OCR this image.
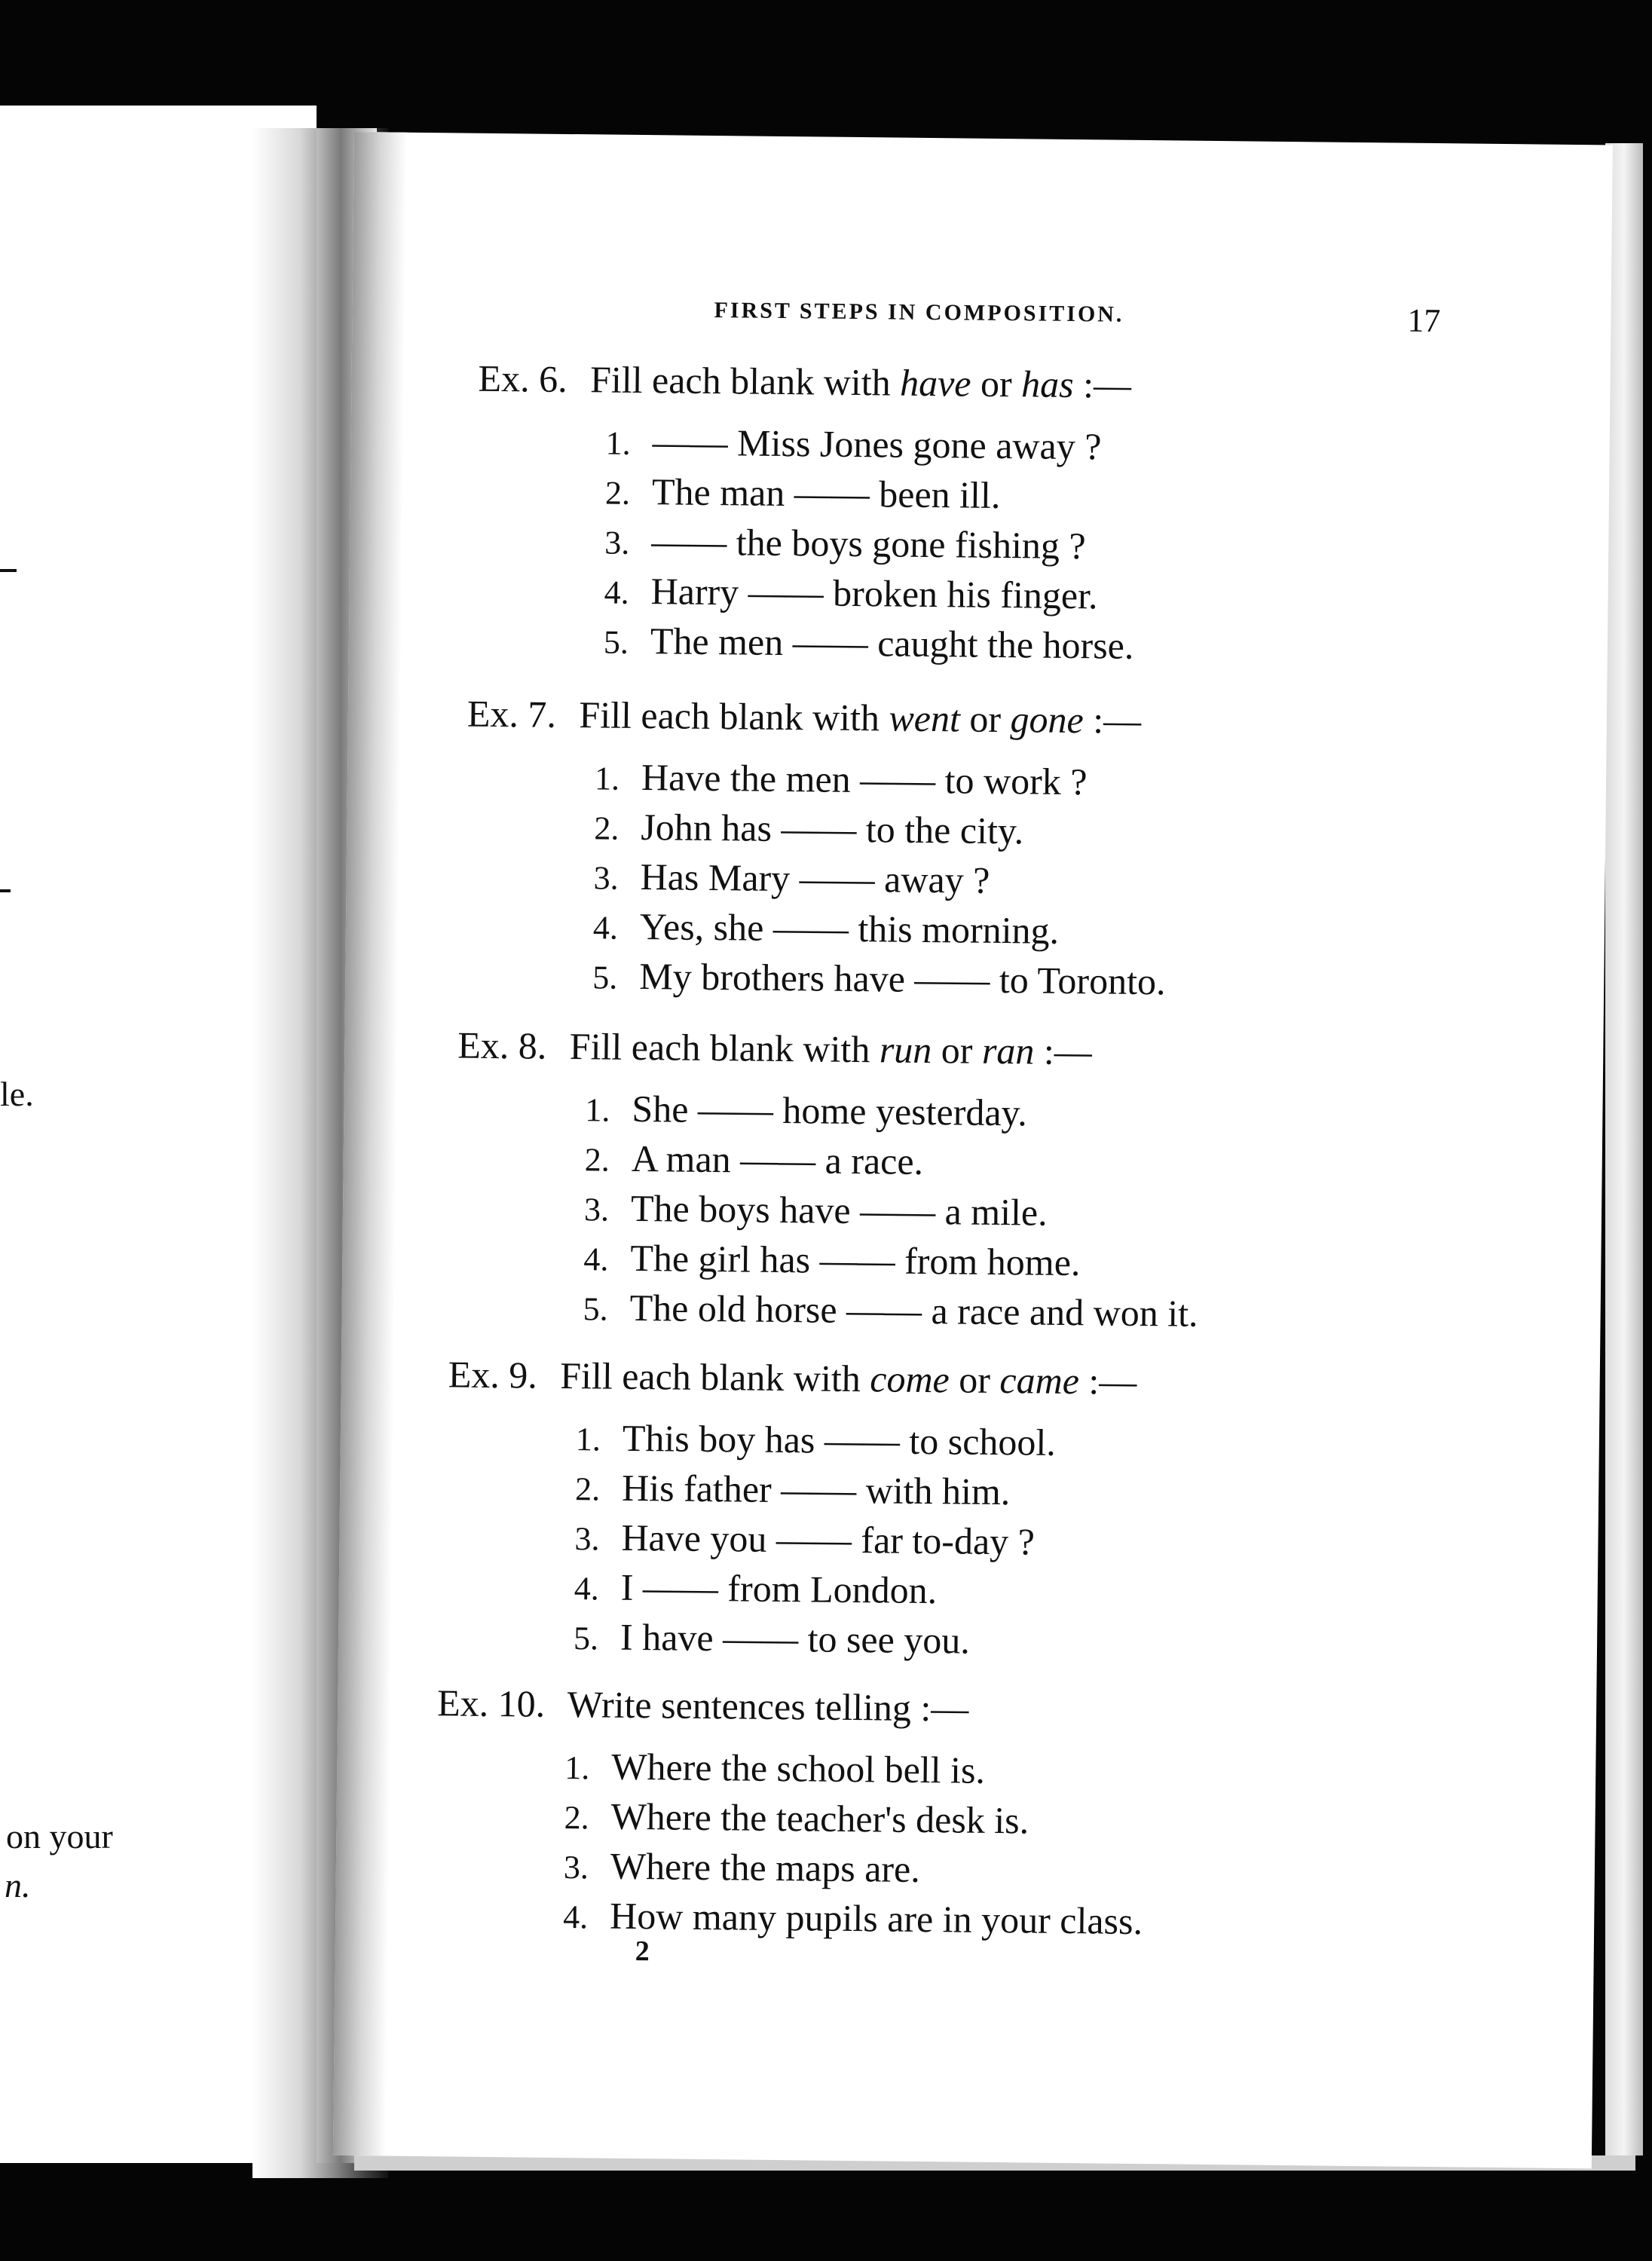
le.
on your
n.
FIRST STEPS IN COMPOSITION.	17
Ex. 6. Fill each blank with have or has :—
1. —— Miss Jones gone away ?
2. The man —— been ill.
3. —— the boys gone fishing ?
4. Harry —— broken his finger.
5. The men —— caught the horse.
Ex. 7. Fill each blank with went or gone :—
1. Have the men —— to work ?
2. John has —— to the city.
3. Has Mary —— away ?
4. Yes, she —— this morning.
5. My brothers have —— to Toronto.
Ex. 8. Fill each blank with run or ran :—
1. She —— home yesterday.
2. A man —— a race.
3. The boys have —— a mile.
4. The girl has —— from home.
5. The old horse —— a race and won it.
Ex. 9. Fill each blank with come or came :—
1. This boy has —— to school.
2. His father —— with him.
3. Have you —— far to-day ?
4. I —— from London.
5. I have —— to see you.
Ex. 10. Write sentences telling :—
1. Where the school bell is.
2. Where the teacher's desk is.
3. Where the maps are.
4. How many pupils are in your class.
2
